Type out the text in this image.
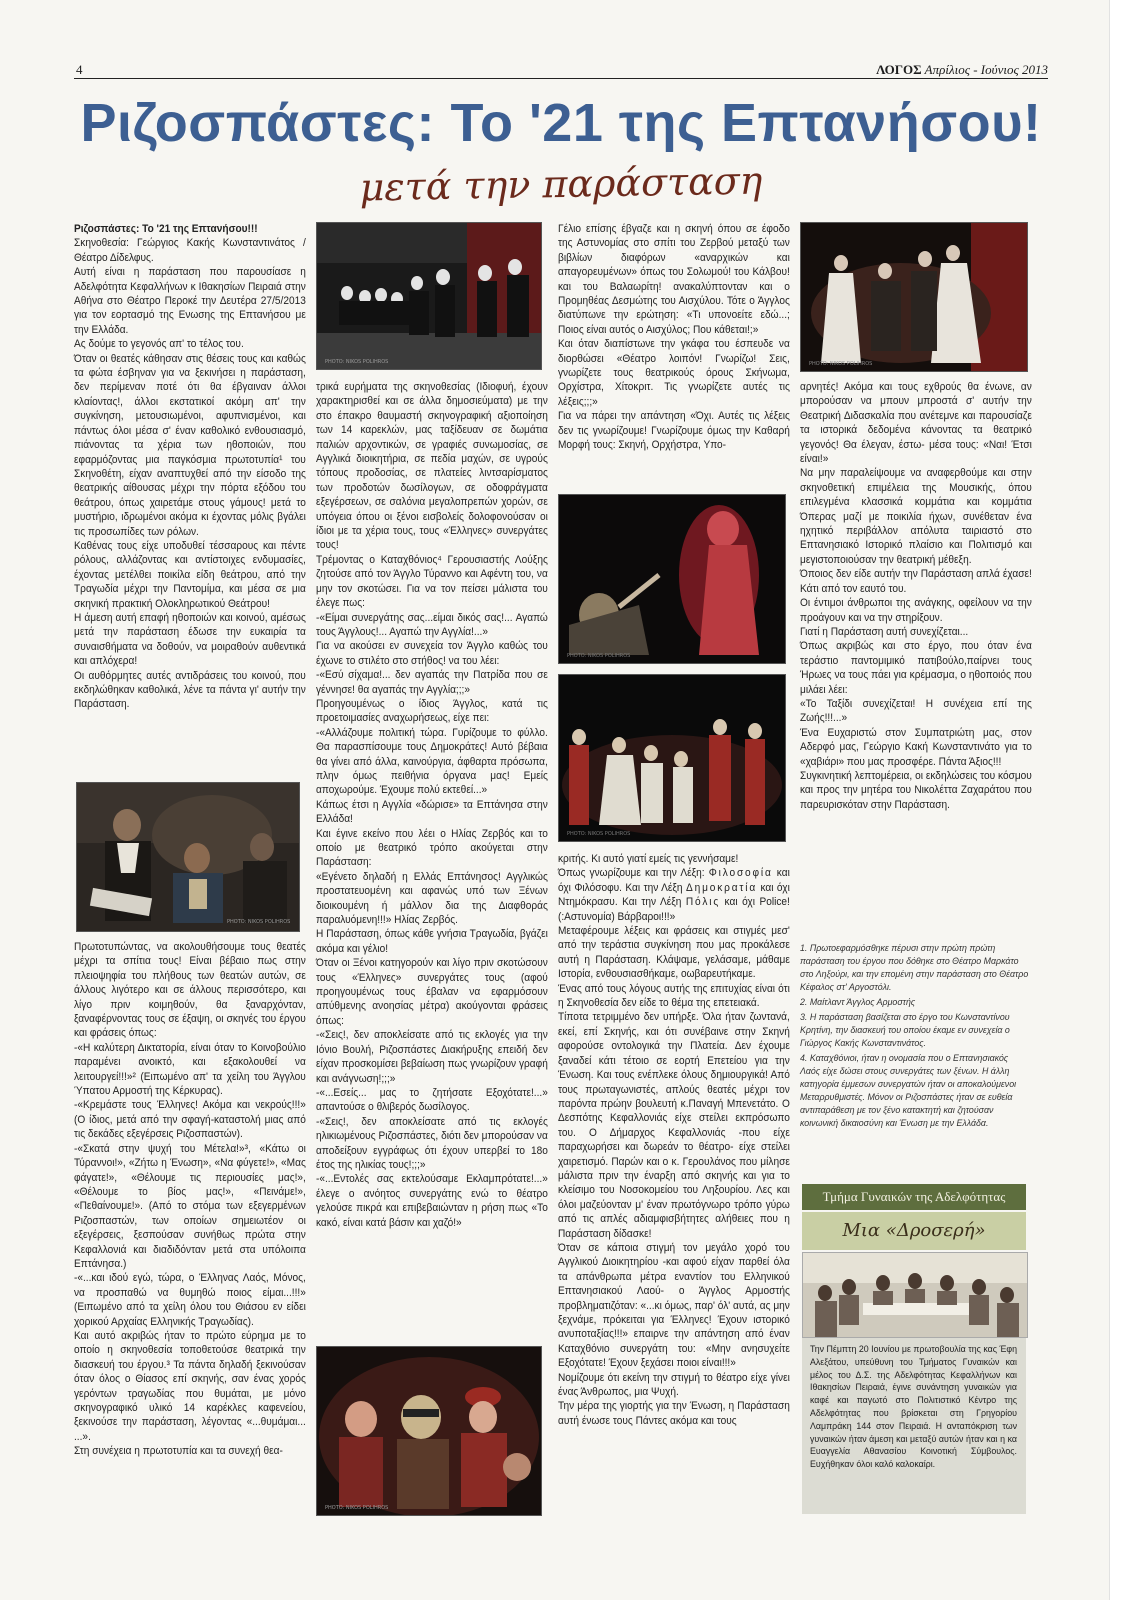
4	ΛΟΓΟΣ Απρίλιος - Ιούνιος 2013
Ριζοσπάστες: Το '21 της Επτανήσου!
μετά την παράσταση

Ριζοσπάστες: Το '21 της Επτανήσου!!!

Σκηνοθεσία: Γεώργιος Κακής Κωνσταντινάτος / Θέατρο Δίδελφυς.

Αυτή είναι η παράσταση που παρουσίασε η Αδελφότητα Κεφαλλήνων κ Ιθακησίων Πειραιά στην Αθήνα στο Θέατρο Περοκέ την Δευτέρα 27/5/2013 για τον εορτασμό της Ενωσης της Επτανήσου με την Ελλάδα.

Ας δούμε το γεγονός απ' το τέλος του.

Όταν οι θεατές κάθησαν στις θέσεις τους και καθώς τα φώτα έσβηναν για να ξεκινήσει η παράσταση, δεν περίμεναν ποτέ ότι θα έβγαιναν άλλοι κλαίοντας!, άλλοι εκστατικοί ακόμη απ' την συγκίνηση, μετουσιωμένοι, αφυπνισμένοι, και πάντως όλοι μέσα σ' έναν καθολικό ενθουσιασμό, πιάνοντας τα χέρια των ηθοποιών, που εφαρμόζοντας μια παγκόσμια πρωτοτυπία¹ του Σκηνοθέτη, είχαν αναπτυχθεί από την είσοδο της θεατρικής αίθουσας μέχρι την πόρτα εξόδου του θεάτρου, όπως χαιρετάμε στους γάμους! μετά το μυστήριο, ιδρωμένοι ακόμα κι έχοντας μόλις βγάλει τις προσωπίδες των ρόλων.

Καθένας τους είχε υποδυθεί τέσσαρους και πέντε ρόλους, αλλάζοντας και αντίστοιχες ενδυμασίες, έχοντας μετέλθει ποικίλα είδη θεάτρου, από την Τραγωδία μέχρι την Παντομίμα, και μέσα σε μια σκηνική πρακτική Ολοκληρωτικού Θεάτρου!

Η άμεση αυτή επαφή ηθοποιών και κοινού, αμέσως μετά την παράσταση έδωσε την ευκαιρία τα συναισθήματα να δοθούν, να μοιραθούν αυθεντικά και απλόχερα!

Οι αυθόρμητες αυτές αντιδράσεις του κοινού, που εκδηλώθηκαν καθολικά, λένε τα πάντα γι' αυτήν την Παράσταση.

PHOTO: NIKOS POLIHROS

Πρωτοτυπώντας, να ακολουθήσουμε τους θεατές μέχρι τα σπίτια τους! Είναι βέβαιο πως στην πλειοψηφία του πλήθους των θεατών αυτών, σε άλλους λιγότερο και σε άλλους περισσότερο, και λίγο πριν κοιμηθούν, θα ξαναρχόνταν, ξαναφέρνοντας τους σε έξαψη, οι σκηνές του έργου και φράσεις όπως:

-«Η καλύτερη Δικτατορία, είναι όταν το Κοινοβούλιο παραμένει ανοικτό, και εξακολουθεί να λειτουργεί!!!»² (Ειπωμένο απ' τα χείλη του Άγγλου Ύπατου Αρμοστή της Κέρκυρας).

-«Κρεμάστε τους Έλληνες! Ακόμα και νεκρούς!!!» (Ο ίδιος, μετά από την σφαγή-καταστολή μιας από τις δεκάδες εξεγέρσεις Ριζοσπαστών).

-«Σκατά στην ψυχή του Μέτελα!»³, «Κάτω οι Τύραννοι!», «Ζήτω η Ένωση», «Να φύγετε!», «Μας φάγατε!», «Θέλουμε τις περιουσίες μας!», «Θέλουμε το βίος μας!», «Πεινάμε!», «Πεθαίνουμε!». (Από το στόμα των εξεγερμένων Ριζοσπαστών, των οποίων σημειωτέον οι εξεγέρσεις, ξεσπούσαν συνήθως πρώτα στην Κεφαλλονιά και διαδιδόνταν μετά στα υπόλοιπα Επτάνησα.)

-«...και ιδού εγώ, τώρα, ο Έλληνας Λαός, Μόνος, να προσπαθώ να θυμηθώ ποιος είμαι...!!!» (Ειπωμένο από τα χείλη όλου του Θιάσου εν είδει χορικού Αρχαίας Ελληνικής Τραγωδίας).

Και αυτό ακριβώς ήταν το πρώτο εύρημα με το οποίο η σκηνοθεσία τοποθετούσε θεατρικά την διασκευή του έργου.³ Τα πάντα δηλαδή ξεκινούσαν όταν όλος ο Θίασος επί σκηνής, σαν ένας χορός γερόντων τραγωδίας που θυμάται, με μόνο σκηνογραφικό υλικό 14 καρέκλες καφενείου, ξεκινούσε την παράσταση, λέγοντας «...θυμάμαι... ...».

Στη συνέχεια η πρωτοτυπία και τα συνεχή θεα-

PHOTO: NIKOS POLIHROS

τρικά ευρήματα της σκηνοθεσίας (Ιδιοφυή, έχουν χαρακτηρισθεί και σε άλλα δημοσιεύματα) με την στο έπακρο θαυμαστή σκηνογραφική αξιοποίηση των 14 καρεκλών, μας ταξίδευαν σε δωμάτια παλιών αρχοντικών, σε γραφιές συνωμοσίας, σε Αγγλικά διοικητήρια, σε πεδία μαχών, σε υγρούς τόπους προδοσίας, σε πλατείες λιντσαρίσματος των προδοτών δωσίλογων, σε οδοφράγματα εξεγέρσεων, σε σαλόνια μεγαλοπρεπών χορών, σε υπόγεια όπου οι ξένοι εισβολείς δολοφονούσαν οι ίδιοι με τα χέρια τους, τους «Έλληνες» συνεργάτες τους!

Τρέμοντας ο Καταχθόνιος⁴ Γερουσιαστής Λούξης ζητούσε από τον Άγγλο Τύραννο και Αφέντη του, να μην τον σκοτώσει. Για να τον πείσει μάλιστα του έλεγε πως:

-«Είμαι συνεργάτης σας...είμαι δικός σας!... Αγαπώ τους Άγγλους!... Αγαπώ την Αγγλία!...»

Για να ακούσει εν συνεχεία τον Άγγλο καθώς του έχωνε το στιλέτο στο στήθος! να του λέει:

-«Εσύ σίχαμα!... δεν αγαπάς την Πατρίδα που σε γέννησε! θα αγαπάς την Αγγλία;;;»

Προηγουμένως ο ίδιος Άγγλος, κατά τις προετοιμασίες αναχωρήσεως, είχε πει:

-«Αλλάζουμε πολιτική τώρα. Γυρίζουμε το φύλλο. Θα παρασπίσουμε τους Δημοκράτες! Αυτό βέβαια θα γίνει από άλλα, καινούργια, άφθαρτα πρόσωπα, πλην όμως πειθήνια όργανα μας! Εμείς αποχωρούμε. Έχουμε πολύ εκτεθεί...»

Κάπως έτσι η Αγγλία «δώρισε» τα Επτάνησα στην Ελλάδα!

Και έγινε εκείνο που λέει ο Ηλίας Ζερβός και το οποίο με θεατρικό τρόπο ακούγεται στην Παράσταση:

«Εγένετο δηλαδή η Ελλάς Επτάνησος! Αγγλικώς προστατευομένη και αφανώς υπό των Ξένων διοικουμένη ή μάλλον δια της Διαφθοράς παραλυόμενη!!!» Ηλίας Ζερβός.

Η Παράσταση, όπως κάθε γνήσια Τραγωδία, βγάζει ακόμα και γέλιο!

Όταν οι Ξένοι κατηγορούν και λίγο πριν σκοτώσουν τους «Έλληνες» συνεργάτες τους (αφού προηγουμένως τους έβαλαν να εφαρμόσουν απύθμενης ανοησίας μέτρα) ακούγονται φράσεις όπως:

-«Σεις!, δεν αποκλείσατε από τις εκλογές για την Ιόνιο Βουλή, Ριζοσπάστες Διακήρυξης επειδή δεν είχαν προσκομίσει βεβαίωση πως γνωρίζουν γραφή και ανάγνωση!;;;»

-«...Εσείς... μας το ζητήσατε Εξοχότατε!...» απαντούσε ο θλιβερός δωσίλογος.

-«Σεις!, δεν αποκλείσατε από τις εκλογές ηλικιωμένους Ριζοσπάστες, διότι δεν μπορούσαν να αποδείξουν εγγράφως ότι έχουν υπερβεί το 18ο έτος της ηλικίας τους!;;;»

-«...Εντολές σας εκτελούσαμε Εκλαμπρότατε!...» έλεγε ο ανόητος συνεργάτης ενώ το θέατρο γελούσε πικρά και επιβεβαιώνταν η ρήση πως «Το κακό, είναι κατά βάσιν και χαζό!»

PHOTO: NIKOS POLIHROS

Γέλιο επίσης έβγαζε και η σκηνή όπου σε έφοδο της Αστυνομίας στο σπίτι του Ζερβού μεταξύ των βιβλίων διαφόρων «αναρχικών και απαγορευμένων» όπως του Σολωμού! του Κάλβου! και του Βαλαωρίτη! ανακαλύπτονταν και ο Προμηθέας Δεσμώτης του Αισχύλου. Τότε ο Άγγλος διατύπωνε την ερώτηση: «Τι υπονοείτε εδώ...; Ποιος είναι αυτός ο Αισχύλος; Που κάθεται!;»

Και όταν διαπίστωνε την γκάφα του έσπευδε να διορθώσει «Θέατρο λοιπόν! Γνωρίζω! Σεις, γνωρίζετε τους θεατρικούς όρους Σκήνωμα, Ορχίστρα, Χίτοκριτ. Τις γνωρίζετε αυτές τις λέξεις;;;»

Για να πάρει την απάντηση «Όχι. Αυτές τις λέξεις δεν τις γνωρίζουμε! Γνωρίζουμε όμως την Καθαρή Μορφή τους: Σκηνή, Ορχήστρα, Υπο-

PHOTO: NIKOS POLIHROS
PHOTO: NIKOS POLIHROS

κριτής. Κι αυτό γιατί εμείς τις γεννήσαμε!

Όπως γνωρίζουμε και την Λέξη: Φιλοσοφία και όχι Φιλόσοφυ. Και την Λέξη Δημοκρατία και όχι Ντημόκρασυ. Και την Λέξη Πόλις και όχι Police! (:Αστυνομία) Βάρβαροι!!!»

Μεταφέρουμε λέξεις και φράσεις και στιγμές μεσ' από την τεράστια συγκίνηση που μας προκάλεσε αυτή η Παράσταση. Κλάψαμε, γελάσαμε, μάθαμε Ιστορία, ενθουσιασθήκαμε, οωβαρευτήκαμε.

Ένας από τους λόγους αυτής της επιτυχίας είναι ότι η Σκηνοθεσία δεν είδε το θέμα της επετειακά.

Τίποτα τετριμμένο δεν υπήρξε. Όλα ήταν ζωντανά, εκεί, επί Σκηνής, και ότι συνέβαινε στην Σκηνή αφορούσε οντολογικά την Πλατεία. Δεν έχουμε ξαναδεί κάτι τέτοιο σε εορτή Επετείου για την Ένωση. Και τους ενέπλεκε όλους δημιουργικά! Από τους πρωταγωνιστές, απλούς θεατές μέχρι τον παρόντα πρώην βουλευτή κ.Παναγή Μπενετάτο. Ο Δεσπότης Κεφαλλονιάς είχε στείλει εκπρόσωπο του. Ο Δήμαρχος Κεφαλλονιάς -που είχε παραχωρήσει και δωρεάν το θέατρο- είχε στείλει χαιρετισμό. Παρών και ο κ. Γερουλάνος που μίλησε μάλιστα πριν την έναρξη από σκηνής και για το κλείσιμο του Νοσοκομείου του Ληξουρίου. Λες και όλοι μαζεύονταν μ' έναν πρωτόγνωρο τρόπο γύρω από τις απλές αδιαμφισβήτητες αλήθειες που η Παράσταση δίδασκε!

Όταν σε κάποια στιγμή τον μεγάλο χορό του Αγγλικού Διοικητηρίου -και αφού είχαν παρθεί όλα τα απάνθρωπα μέτρα εναντίον του Ελληνικού Επτανησιακού Λαού- ο Άγγλος Αρμοστής προβληματιζόταν: «...κι όμως, παρ' όλ' αυτά, ας μην ξεχνάμε, πρόκειται για Έλληνες! Έχουν ιστορικό ανυποταξίας!!!» επαιρνε την απάντηση από έναν Καταχθόνιο συνεργάτη του: «Μην ανησυχείτε Εξοχότατε! Έχουν ξεχάσει ποιοι είναι!!!»

Νομίζουμε ότι εκείνη την στιγμή το θέατρο είχε γίνει ένας Άνθρωπος, μια Ψυχή.

Την μέρα της γιορτής για την Ένωση, η Παράσταση αυτή ένωσε τους Πάντες ακόμα και τους

PHOTO: NIKOS POLIHROS

αρνητές! Ακόμα και τους εχθρούς θα ένωνε, αν μπορούσαν να μπουν μπροστά σ' αυτήν την Θεατρική Διδασκαλία που ανέτεμνε και παρουσίαζε τα ιστορικά δεδομένα κάνοντας τα θεατρικό γεγονός! Θα έλεγαν, έστω- μέσα τους: «Ναι! Έτσι είναι!»

Να μην παραλείψουμε να αναφερθούμε και στην σκηνοθετική επιμέλεια της Μουσικής, όπου επιλεγμένα κλασσικά κομμάτια και κομμάτια Όπερας μαζί με ποικιλία ήχων, συνέθεταν ένα ηχητικό περιβάλλον απόλυτα ταιριαστό στο Επτανησιακό Ιστορικό πλαίσιο και Πολιτισμό και μεγιστοποιούσαν την θεατρική μέθεξη.

Όποιος δεν είδε αυτήν την Παράσταση απλά έχασε! Κάτι από τον εαυτό του.

Οι έντιμοι άνθρωποι της ανάγκης, οφείλουν να την προάγουν και να την στηρίξουν.

Γιατί η Παράσταση αυτή συνεχίζεται...

Όπως ακριβώς και στο έργο, που όταν ένα τεράστιο παντομιμικό πατιβούλο,παίρνει τους Ήρωες να τους πάει για κρέμασμα, ο ηθοποιός που μιλάει λέει:

«Το Ταξίδι συνεχίζεται! Η συνέχεια επί της Ζωής!!!...»

Ένα Ευχαριστώ στον Συμπατριώτη μας, στον Αδερφό μας, Γεώργιο Κακή Κωνσταντινάτο για το «χαβιάρι» που μας προσφέρε. Πάντα Άξιος!!!

Συγκινητική λεπτομέρεια, οι εκδηλώσεις του κόσμου και προς την μητέρα του Νικολέττα Ζαχαράτου που παρευρισκόταν στην Παράσταση.

1. Πρωτοεφαρμόσθηκε πέρυσι στην πρώτη πρώτη παράσταση του έργου που δόθηκε στο Θέατρο Μαρκάτο στο Ληξούρι, και την επομένη στην παράσταση στο Θέατρο Κέφαλος στ' Αργοστόλι.

2. Μαίτλαντ Άγγλος Αρμοστής

3. Η παράσταση βασίζεται στο έργο του Κωνσταντίνου Κρητίνη, την διασκευή του οποίου έκαμε εν συνεχεία ο Γιώργος Κακής Κωνσταντινάτος.

4. Καταχθόνιοι, ήταν η ονομασία που ο Επτανησιακός Λαός είχε δώσει στους συνεργάτες των ξένων. Η άλλη κατηγορία έμμεσων συνεργατών ήταν οι αποκαλούμενοι Μεταρρυθμιστές. Μόνον οι Ριζοσπάστες ήταν σε ευθεία αντιπαράθεση με τον ξένο κατακτητή και ζητούσαν κοινωνική δικαιοσύνη και Ένωση με την Ελλάδα.

Τμήμα Γυναικών της Αδελφότητας
Μια «Δροσερή»

Την Πέμπτη 20 Ιουνίου με πρωτοβουλία της κας Έφη Αλεξάτου, υπεύθυνη του Τμήματος Γυναικών και μέλος του Δ.Σ. της Αδελφότητας Κεφαλλήνων και Ιθακησίων Πειραιά, έγινε συνάντηση γυναικών για καφέ και παγωτό στο Πολιτιστικό Κέντρο της Αδελφότητας που βρίσκεται στη Γρηγορίου Λαμπράκη 144 στον Πειραιά. Η ανταπόκριση των γυναικών ήταν άμεση και μεταξύ αυτών ήταν και η κα Ευαγγελία Αθανασίου Κοινοτική Σύμβουλος. Ευχήθηκαν όλοι καλό καλοκαίρι.
